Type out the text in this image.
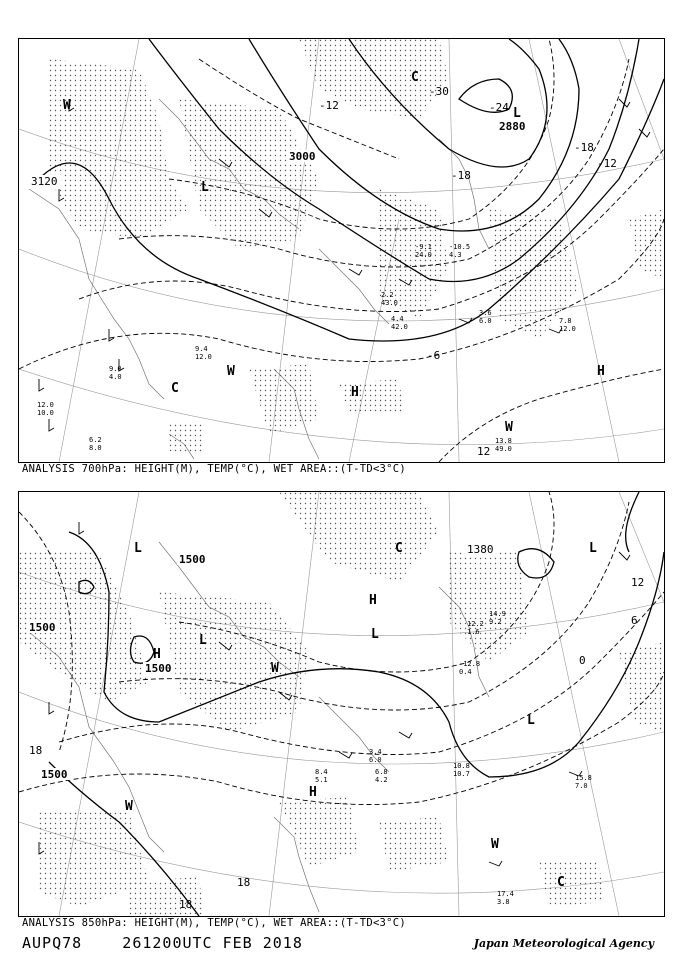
3120
3000
2880
-30
-24
-18
-12
-6
-18
-12
12
L
L
C
C
W
W
W
H
H
13.8
49.0
3.6
6.0	7.8
12.0
2.2
43.0
4.4
42.0
9.4
12.0
9.0
4.0
12.0
10.0
6.2
8.0
-9.1
24.0
-10.5
4.3
ANALYSIS 700hPa: HEIGHT(M), TEMP(°C), WET AREA::(T-TD<3°C)
1500
1500
1500
1500
1380
18
18
18
12
6
0
L
L	L
L
L
H
H
H
C
C
W
W
W
17.4
3.8
15.8
7.0
10.8
10.7
3.4
6.0
6.8
4.2
8.4
5.1
12.2
1.6
14.9
9.2
-12.8
0.4
ANALYSIS 850hPa: HEIGHT(M), TEMP(°C), WET AREA::(T-TD<3°C)
AUPQ78    261200UTC FEB 2018	Japan Meteorological Agency
